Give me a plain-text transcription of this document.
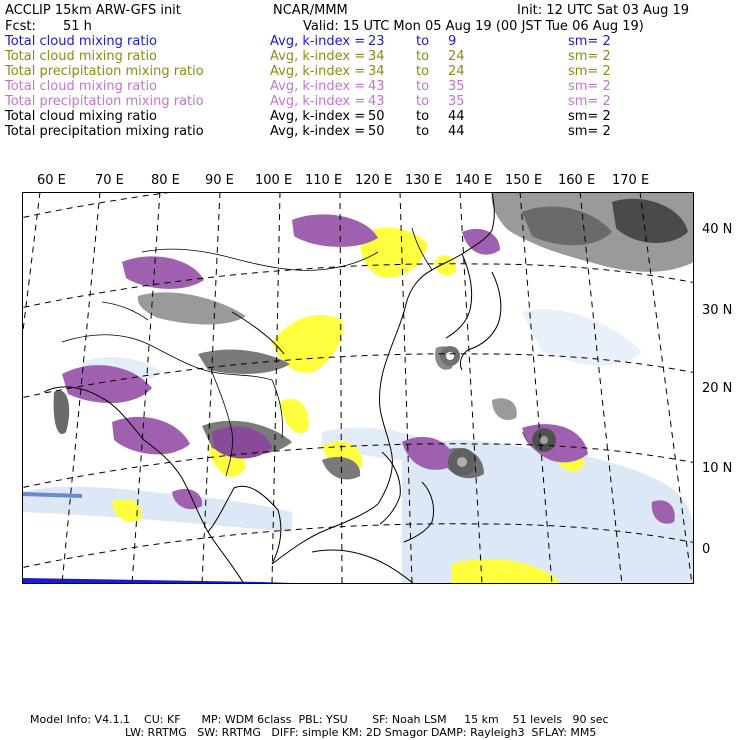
ACCLIP 15km ARW-GFS init	NCAR/MMM	Init: 12 UTC Sat 03 Aug 19
Fcst: 51 h	Valid: 15 UTC Mon 05 Aug 19 (00 JST Tue 06 Aug 19)
Total cloud mixing ratio	Avg, k-index = 23 to 9	sm= 2
Total cloud mixing ratio	Avg, k-index = 34 to 24	sm= 2
Total precipitation mixing ratio	Avg, k-index = 34 to 24	sm= 2
Total cloud mixing ratio	Avg, k-index = 43 to 35	sm= 2
Total precipitation mixing ratio	Avg, k-index = 43 to 35	sm= 2
Total cloud mixing ratio	Avg, k-index = 50 to 44	sm= 2
Total precipitation mixing ratio	Avg, k-index = 50 to 44	sm= 2
60 E 70 E 80 E 90 E 100 E 110 E 120 E 130 E 140 E 150 E 160 E 170 E
40 N
30 N
20 N
10 N
0
Model Info: V4.1.1    CU: KF      MP: WDM 6class  PBL: YSU       SF: Noah LSM     15 km    51 levels   90 sec
LW: RRTMG   SW: RRTMG   DIFF: simple KM: 2D Smagor DAMP: Rayleigh3  SFLAY: MM5
